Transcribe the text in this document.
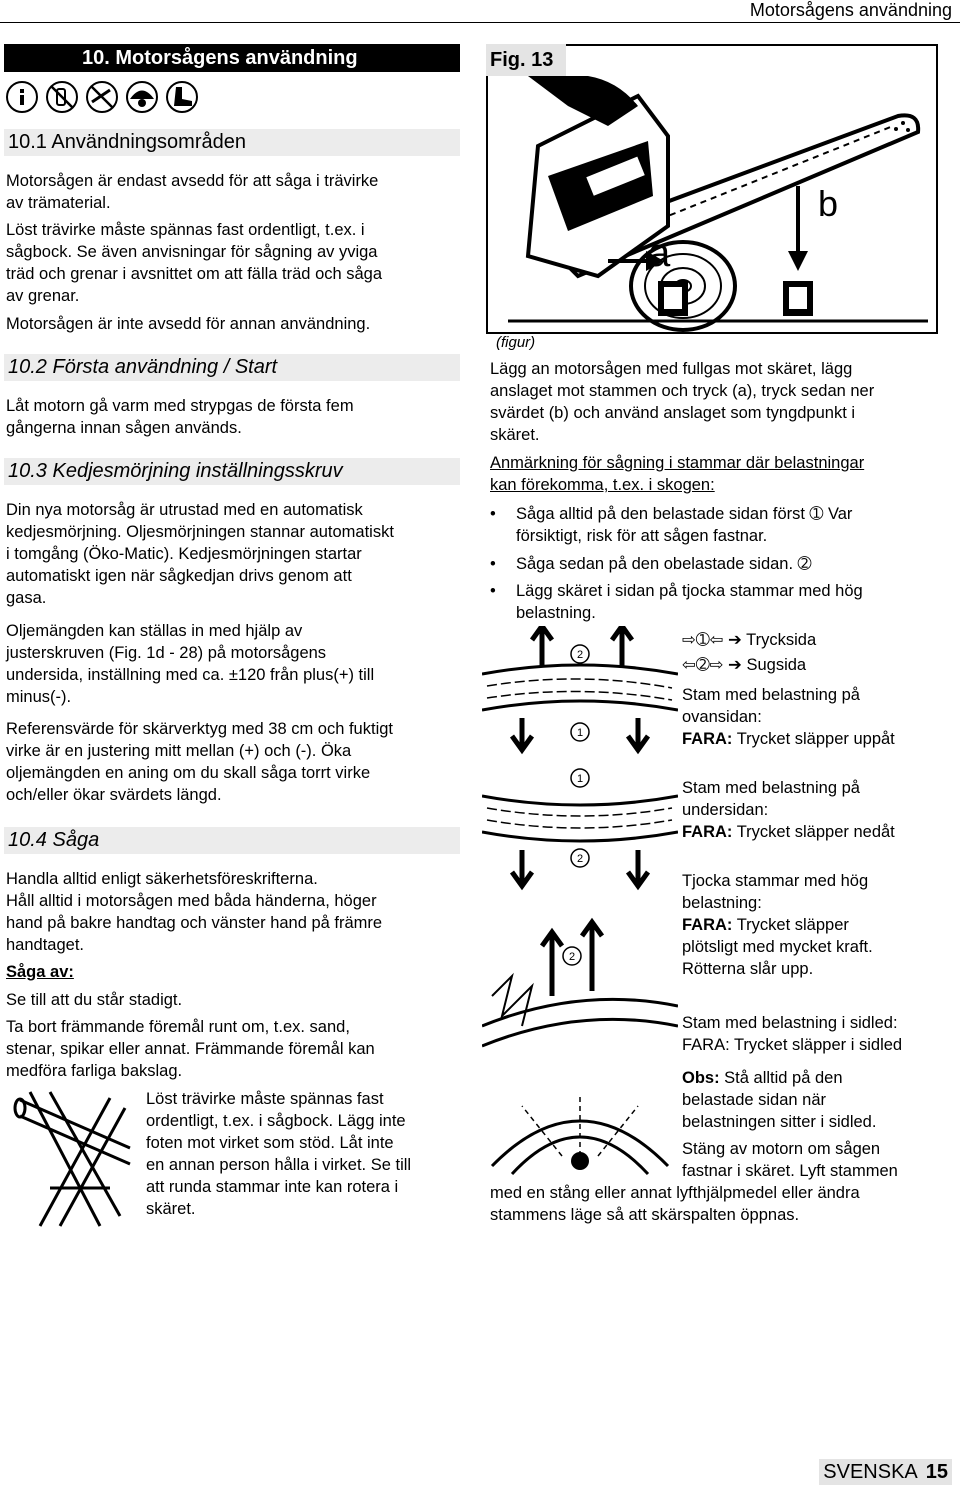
Motorsågens användning
10. Motorsågens användning
10.1 Användningsområden
Motorsågen är endast avsedd för att såga i trävirke
av trämaterial.
Löst trävirke måste spännas fast ordentligt, t.ex. i
sågbock. Se även anvisningar för sågning av yviga
träd och grenar i avsnittet om att fälla träd och såga
av grenar.
Motorsågen är inte avsedd för annan användning.
10.2 Första användning / Start
Låt motorn gå varm med strypgas de första fem
gångerna innan sågen används.
10.3 Kedjesmörjning inställningsskruv
Din nya motorsåg är utrustad med en automatisk
kedjesmörjning. Oljesmörjningen stannar automatiskt
i tomgång (Öko-Matic). Kedjesmörjningen startar
automatiskt igen när sågkedjan drivs genom att
gasa.
Oljemängden kan ställas in med hjälp av
justerskruven (Fig. 1d - 28) på motorsågens
undersida, inställning med ca. ±120 från plus(+) till
minus(-).
Referensvärde för skärverktyg med 38 cm och fuktigt
virke är en justering mitt mellan (+) och (-). Öka
oljemängden en aning om du skall såga torrt virke
och/eller ökar svärdets längd.
10.4 Såga
Handla alltid enligt säkerhetsföreskrifterna.
Håll alltid i motorsågen med båda händerna, höger
hand på bakre handtag och vänster hand på främre
handtaget.
Såga av:
Se till att du står stadigt.
Ta bort främmande föremål runt om, t.ex. sand,
stenar, spikar eller annat. Främmande föremål kan
medföra farliga bakslag.
Löst trävirke måste spännas fast
ordentligt, t.ex. i sågbock. Lägg inte
foten mot virket som stöd. Låt inte
en annan person hålla i virket. Se till
att runda stammar inte kan rotera i
skäret.
a
b
Fig. 13
(figur)
Lägg an motorsågen med fullgas mot skäret, lägg
anslaget mot stammen och tryck (a), tryck sedan ner
svärdet (b) och använd anslaget som tyngdpunkt i
skäret.
Anmärkning för sågning i stammar där belastningar
kan förekomma, t.ex. i skogen:
• Såga alltid på den belastade sidan först ➀ Var
försiktigt, risk för att sågen fastnar.
• Såga sedan på den obelastade sidan. ➁
• Lägg skäret i sidan på tjocka stammar med hög
belastning.
2
1
1
2
2
⇨➀⇦ ➔ Trycksida
⇦➁⇨ ➔ Sugsida
Stam med belastning på
ovansidan:
FARA: Trycket släpper uppåt
Stam med belastning på
undersidan:
FARA: Trycket släpper nedåt
Tjocka stammar med hög
belastning:
FARA: Trycket släpper
plötsligt med mycket kraft.
Rötterna slår upp.
Stam med belastning i sidled:
FARA: Trycket släpper i sidled
Obs: Stå alltid på den
belastade sidan när
belastningen sitter i sidled.
Stäng av motorn om sågen
fastnar i skäret. Lyft stammen
med en stång eller annat lyfthjälpmedel eller ändra
stammens läge så att skärspalten öppnas.
SVENSKA 15
